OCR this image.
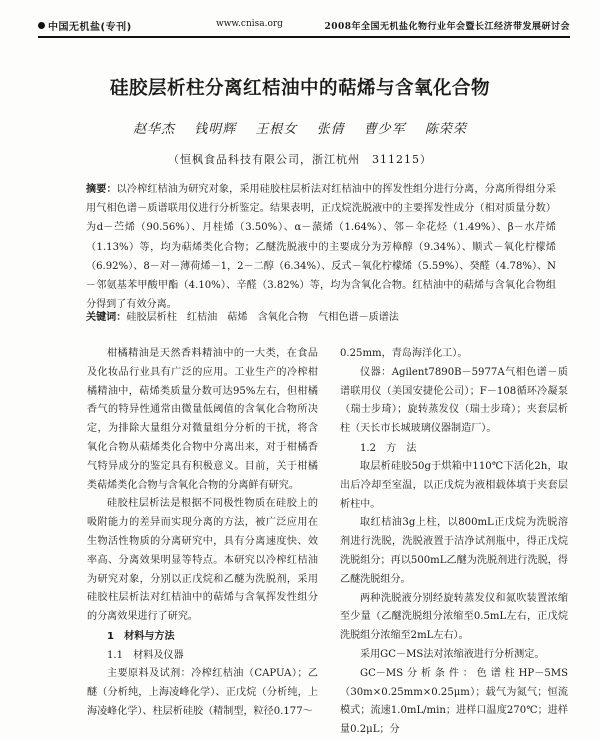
中国无机盐(专刊)	www.cnisa.org	2008年全国无机盐化物行业年会暨长江经济带发展研讨会
硅胶层析柱分离红桔油中的萜烯与含氧化合物
赵华杰 钱明辉 王根女 张倩 曹少军 陈荣荣
（恒枫食品科技有限公司，浙江杭州　311215）

摘要：以冷榨红桔油为研究对象，采用硅胶柱层析法对红桔油中的挥发性组分进行分离，分离所得组分采用气相色谱－质谱联用仪进行分析鉴定。结果表明，正戊烷洗脱液中的主要挥发性成分（相对质量分数）为d－苎烯（90.56%）、月桂烯（3.50%）、α－蒎烯（1.64%）、邻－伞花烃（1.49%）、β－水芹烯（1.13%）等，均为萜烯类化合物；乙醚洗脱液中的主要成分为芳樟醇（9.34%）、顺式－氧化柠檬烯（6.92%）、8－对－薄荷烯－1，2－二醇（6.34%）、反式－氧化柠檬烯（5.59%）、癸醛（4.78%）、N－邻氨基苯甲酸甲酯（4.10%）、辛醛（3.82%）等，均为含氧化合物。红桔油中的萜烯与含氧化合物组分得到了有效分离。

关键词：硅胶层析柱　红桔油　萜烯　含氧化合物　气相色谱－质谱法

柑橘精油是天然香料精油中的一大类，在食品及化妆品行业具有广泛的应用。工业生产的冷榨柑橘精油中，萜烯类质量分数可达95%左右，但柑橘香气的特异性通常由微量低阈值的含氧化合物所决定，为排除大量组分对微量组分分析的干扰，将含氧化合物从萜烯类化合物中分离出来，对于柑橘香气特异成分的鉴定具有积极意义。目前，关于柑橘类萜烯类化合物与含氧化合物的分离鲜有研究。

硅胶柱层析法是根据不同极性物质在硅胶上的吸附能力的差异而实现分离的方法，被广泛应用在生物活性物质的分离研究中，具有分离速度快、效率高、分离效果明显等特点。本研究以冷榨红桔油为研究对象，分别以正戊烷和乙醚为洗脱剂，采用硅胶柱层析法对红桔油中的萜烯与含氧挥发性组分的分离效果进行了研究。

1　材料与方法
1.1　材料及仪器

主要原料及试剂：冷榨红桔油（CAPUA）；乙醚（分析纯，上海凌峰化学）、正戊烷（分析纯，上海凌峰化学）、柱层析硅胶（精制型，粒径0.177～

0.25mm，青岛海洋化工）。

仪器：Agilent7890B－5977A气相色谱－质谱联用仪（美国安捷伦公司）；F－108循环冷凝泵（瑞士步琦）；旋转蒸发仪（瑞士步琦）；夹套层析柱（天长市长城玻璃仪器制造厂）。

1.2　方　法

取层析硅胶50g于烘箱中110℃下活化2h，取出后冷却至室温，以正戊烷为液相载体填于夹套层析柱中。

取红桔油3g上柱，以800mL正戊烷为洗脱溶剂进行洗脱，洗脱液置于洁净试剂瓶中，得正戊烷洗脱组分；再以500mL乙醚为洗脱剂进行洗脱，得乙醚洗脱组分。

两种洗脱液分别经旋转蒸发仪和氮吹装置浓缩至少量（乙醚洗脱组分浓缩至0.5mL左右，正戊烷洗脱组分浓缩至2mL左右）。

采用GC－MS法对浓缩液进行分析测定。

GC－MS分析条件：色谱柱HP－5MS（30m×0.25mm×0.25μm）；载气为氮气；恒流模式；流速1.0mL/min；进样口温度270℃；进样量0.2μL；分
